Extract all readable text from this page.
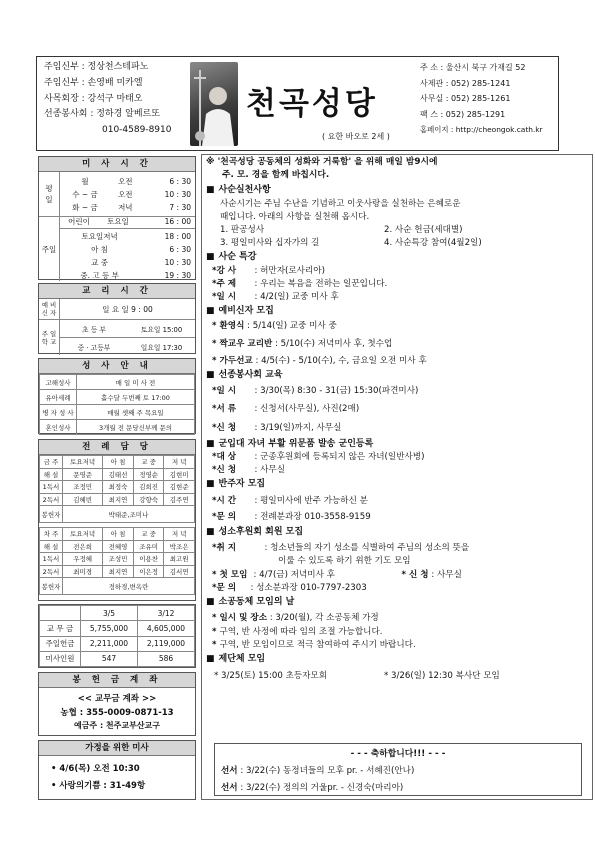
주임신부 : 정상천스테파노
주임신부 : 손영배 미카엘
사목회장 : 강석구 마태오
선종봉사회 : 정하경 알베르또
010-4589-8910
천곡성당
( 요한 바오로 2세 )
주 소 : 울산시 북구 가재길 52
사제관 : 052) 285-1241
사무실 : 052) 285-1261
팩 스 : 052) 285-1291
홈페이지 : http://cheongok.cath.kr
미 사 시 간
평
일
월	오전	6 : 30
수 ~ 금	오전	10 : 30
화 ~ 금	저녁	7 : 30
주일
어린이	토요일	16 : 00
토요일저녁	18 : 00
아 침	6 : 30
교 중	10 : 30
중. 고 등 부	19 : 30
교 리 시 간
예 비
신 자	일 요 일 9 : 00
주 일
학 교
초 등 부	토요일 15:00
중 · 고등부	일요일 17:30
성 사 안 내
고해성사	매 일 미 사 전
유아세례	홀수달 두번째 토 17:00
병 자 성 사	매월 셋째 주 목요일
혼인성사	3개월 전 문당신부께 문의
전 례 담 당
금 주	토요저녁	아 침	교 중	저 녁
해 설	문영준	김태선	정영순	김현미
1독서	조정민	최정숙	김희진	김현준
2독서	김혜빈	최지연	강향숙	김주연
봉헌자	박태준,조미나			
차 주	토요저녁	아 침	교 중	저 녁
해 설	전은희	전혜영	조유미	박조은
1독서	우정혜	조성민	이용찬	최고원
2독서	최미경	최지연	이은정	김서연
봉헌자	정하경,변옥란			
	3/5	3/12
교 무 금	5,755,000	4,605,000
주일헌금	2,211,000	2,119,000
미사인원	547	586
봉 헌 금 계 좌
<< 교무금 계좌 >>
농협 : 355-0009-0871-13
예금주 : 천주교부산교구
가정을 위한 미사
• 4/6(목) 오전 10:30
• 사랑의기쁨 : 31-49항
※ '천곡성당 공동체의 성화와 거룩함' 을 위해 매일 밤9시에
주. 모. 경을 함께 바칩시다.
■ 사순실천사항
사순시기는 주님 수난을 기념하고 이웃사랑을 실천하는 은혜로운
때입니다. 아래의 사항을 실천해 옵시다.
1. 판공성사	2. 사순 헌금(세대별)
3. 평일미사와 십자가의 길	4. 사순특강 참여(4월2일)
■ 사순 특강
* 강 사	: 허만자(로사리아)
* 주 제	: 우리는 복음을 전하는 일꾼입니다.
* 일 시	: 4/2(일) 교중 미사 후
■ 예비신자 모집
* 환영식 : 5/14(일) 교중 미사 중
* 짝교우 교리반 : 5/10(수) 저녁미사 후, 첫수업
* 가두선교 : 4/5(수) - 5/10(수), 수, 금요일 오전 미사 후
■ 선종봉사회 교육
* 일 시	: 3/30(목) 8:30 - 31(금) 15:30(파견미사)
* 서 류	: 신청서(사무실), 사진(2매)
* 신 청	: 3/19(일)까지, 사무실
■ 군입대 자녀 부활 위문품 발송 군인등록
* 대 상	: 군종후원회에 등록되지 않은 자녀(일반사병)
* 신 청	: 사무실
■ 반주자 모집
* 시 간	: 평일미사에 반주 가능하신 분
* 문 의	: 전례분과장 010-3558-9159
■ 성소후원회 회원 모집
* 취 지	: 청소년들의 자기 성소를 식별하여 주님의 성소의 뜻을
이룰 수 있도록 하기 위한 기도 모임
* 첫 모임 : 4/7(금) 저녁미사 후	* 신 청 : 사무실
* 문 의	: 성소분과장 010-7797-2303
■ 소공동체 모임의 날
* 일시 및 장소 : 3/20(월), 각 소공동체 가정
* 구역, 반 사정에 따라 임의 조절 가능합니다.
* 구역, 반 모임이므로 적극 참여하여 주시기 바랍니다.
■ 제단체 모임
* 3/25(토) 15:00 초등자모회	* 3/26(일) 12:30 복사단 모임
- - - 축하합니다!!! - - -
선서 : 3/22(수) 동정녀들의 모후 pr. - 서혜진(안나)
선서 : 3/22(수) 정의의 거울pr. - 신경숙(마리아)
